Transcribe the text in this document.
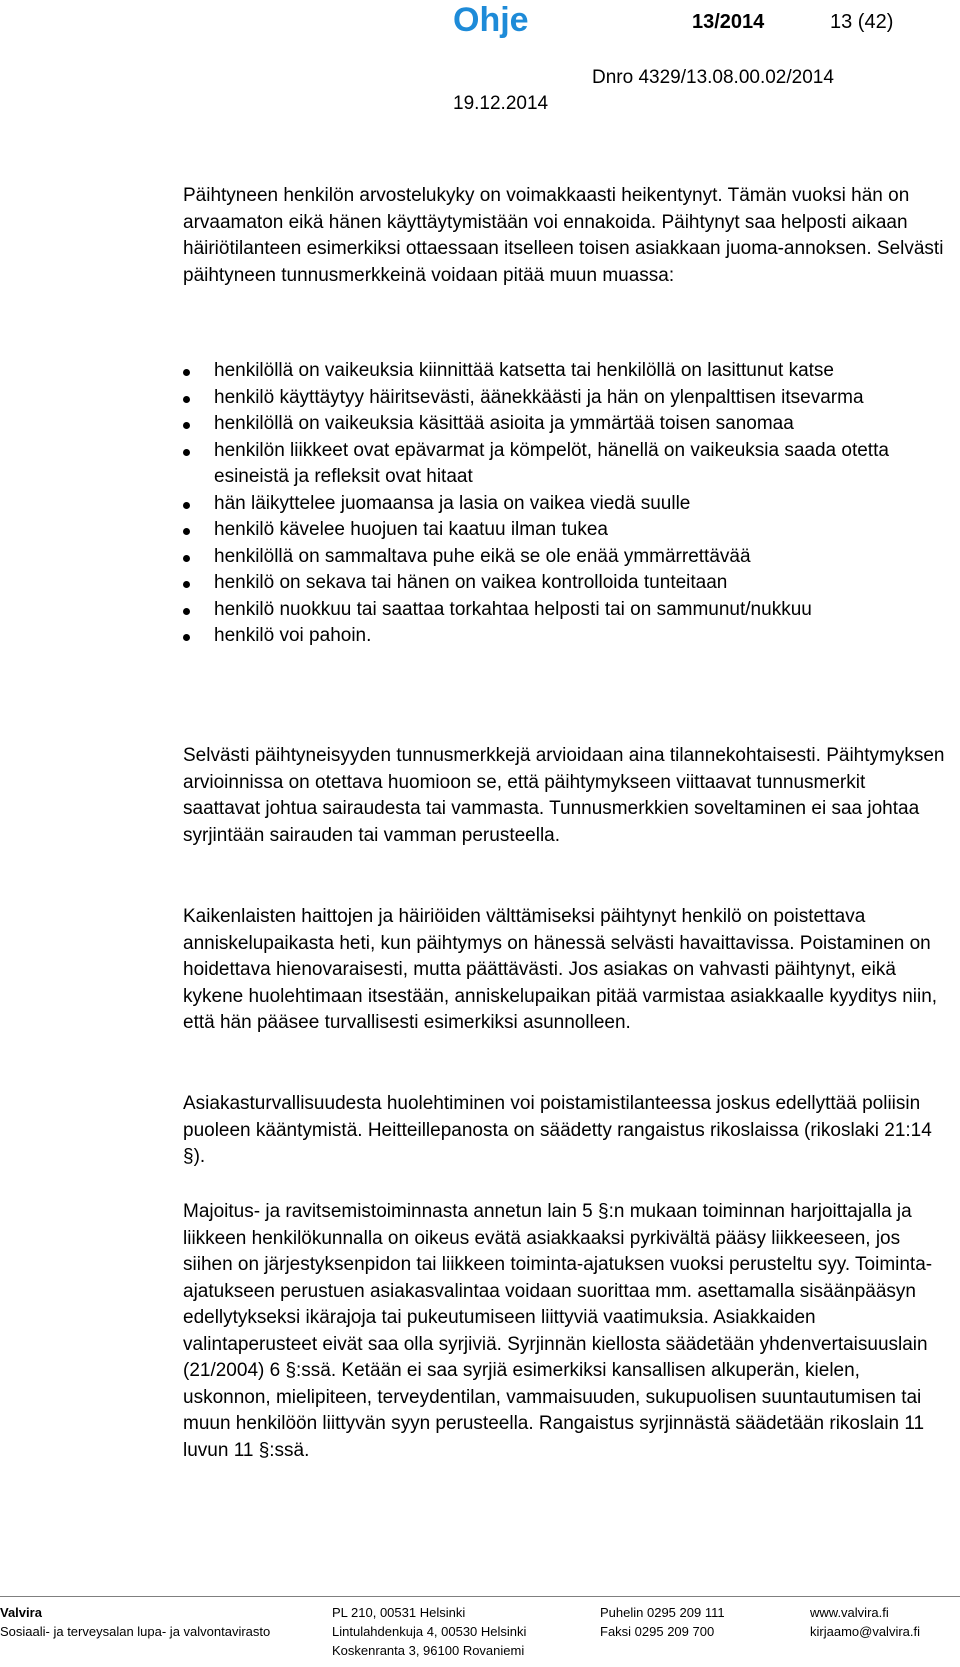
Ohje	13/2014	13 (42)
Dnro 4329/13.08.00.02/2014
19.12.2014

Päihtyneen henkilön arvostelukyky on voimakkaasti heikentynyt. Tämän vuoksi hän on arvaamaton eikä hänen käyttäytymistään voi ennakoida. Päihtynyt saa helposti aikaan häiriötilanteen esimerkiksi ottaessaan itselleen toisen asiakkaan juoma-annoksen. Selvästi päihtyneen tunnusmerkkeinä voidaan pitää muun muassa:

henkilöllä on vaikeuksia kiinnittää katsetta tai henkilöllä on lasittunut katse
henkilö käyttäytyy häiritsevästi, äänekkäästi ja hän on ylenpalttisen itsevarma
henkilöllä on vaikeuksia käsittää asioita ja ymmärtää toisen sanomaa
henkilön liikkeet ovat epävarmat ja kömpelöt, hänellä on vaikeuksia saada otetta esineistä ja refleksit ovat hitaat
hän läikyttelee juomaansa ja lasia on vaikea viedä suulle
henkilö kävelee huojuen tai kaatuu ilman tukea
henkilöllä on sammaltava puhe eikä se ole enää ymmärrettävää
henkilö on sekava tai hänen on vaikea kontrolloida tunteitaan
henkilö nuokkuu tai saattaa torkahtaa helposti tai on sammunut/nukkuu
henkilö voi pahoin.

Selvästi päihtyneisyyden tunnusmerkkejä arvioidaan aina tilannekohtaisesti. Päihtymyksen arvioinnissa on otettava huomioon se, että päihtymykseen viittaavat tunnusmerkit saattavat johtua sairaudesta tai vammasta. Tunnusmerkkien soveltaminen ei saa johtaa syrjintään sairauden tai vamman perusteella.

Kaikenlaisten haittojen ja häiriöiden välttämiseksi päihtynyt henkilö on poistettava anniskelupaikasta heti, kun päihtymys on hänessä selvästi havaittavissa. Poistaminen on hoidettava hienovaraisesti, mutta päättävästi. Jos asiakas on vahvasti päihtynyt, eikä kykene huolehtimaan itsestään, anniskelupaikan pitää varmistaa asiakkaalle kyyditys niin, että hän pääsee turvallisesti esimerkiksi asunnolleen.

Asiakasturvallisuudesta huolehtiminen voi poistamistilanteessa joskus edellyttää poliisin puoleen kääntymistä. Heitteillepanosta on säädetty rangaistus rikoslaissa (rikoslaki 21:14 §).

Majoitus- ja ravitsemistoiminnasta annetun lain 5 §:n mukaan toiminnan harjoittajalla ja liikkeen henkilökunnalla on oikeus evätä asiakkaaksi pyrkivältä pääsy liikkeeseen, jos siihen on järjestyksenpidon tai liikkeen toiminta-ajatuksen vuoksi perusteltu syy. Toiminta-ajatukseen perustuen asiakasvalintaa voidaan suorittaa mm. asettamalla sisäänpääsyn edellytykseksi ikärajoja tai pukeutumiseen liittyviä vaatimuksia. Asiakkaiden valintaperusteet eivät saa olla syrjiviä. Syrjinnän kiellosta säädetään yhdenvertaisuuslain (21/2004) 6 §:ssä. Ketään ei saa syrjiä esimerkiksi kansallisen alkuperän, kielen, uskonnon, mielipiteen, terveydentilan, vammaisuuden, sukupuolisen suuntautumisen tai muun henkilöön liittyvän syyn perusteella. Rangaistus syrjinnästä säädetään rikoslain 11 luvun 11 §:ssä.

Valvira
Sosiaali- ja terveysalan lupa- ja valvontavirasto
PL 210, 00531 Helsinki
Lintulahdenkuja 4, 00530 Helsinki
Koskenranta 3, 96100 Rovaniemi
Puhelin 0295 209 111
Faksi 0295 209 700
www.valvira.fi
kirjaamo@valvira.fi
